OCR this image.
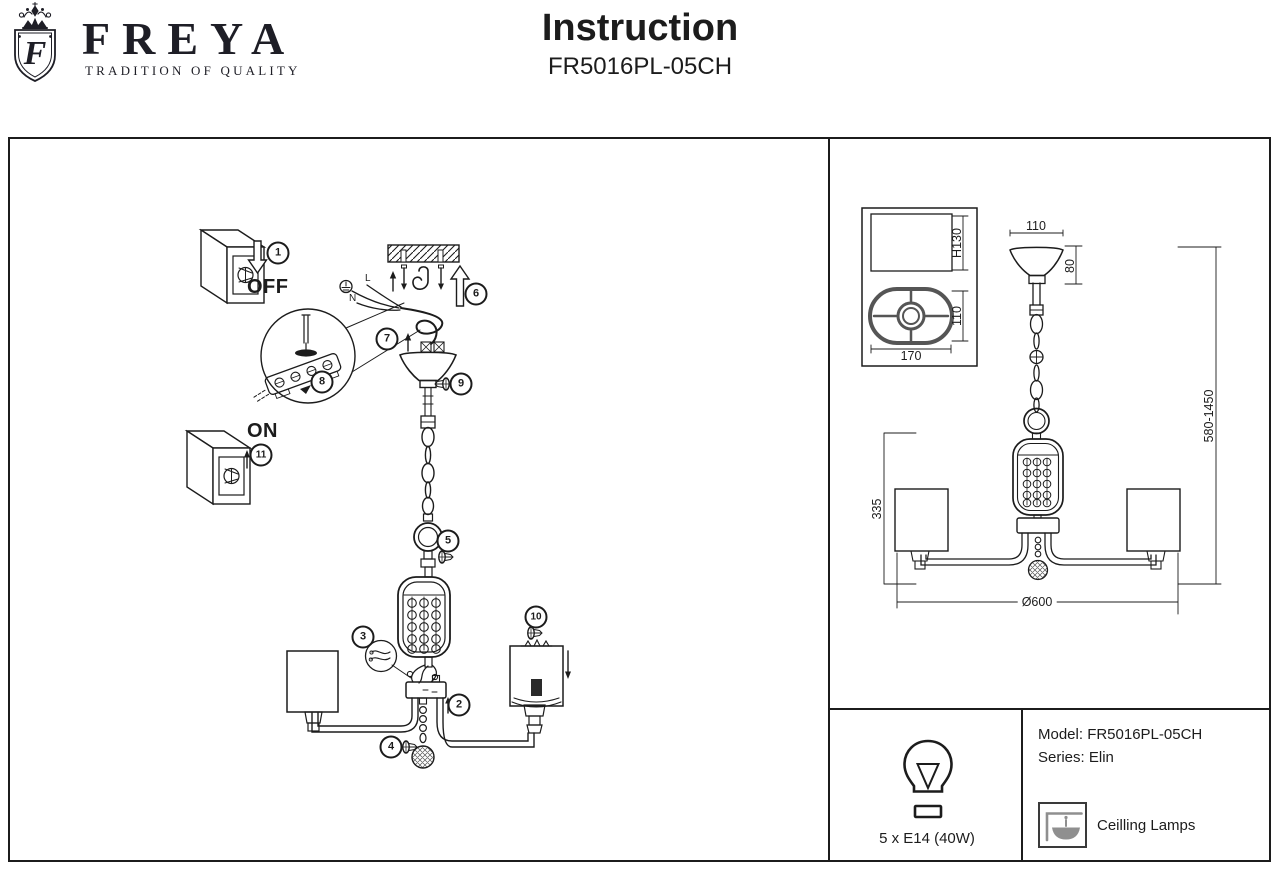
F FREYA
TRADITION OF QUALITY
Instruction
FR5016PL-05CH
OFF
ON
L
N
1
2
3
4
5
6
7
8	9
10
11
H130
110
170
110
80
580-1450
335
Ø600
5 x E14 (40W)
Model: FR5016PL-05CH
Series: Elin
Ceilling Lamps
